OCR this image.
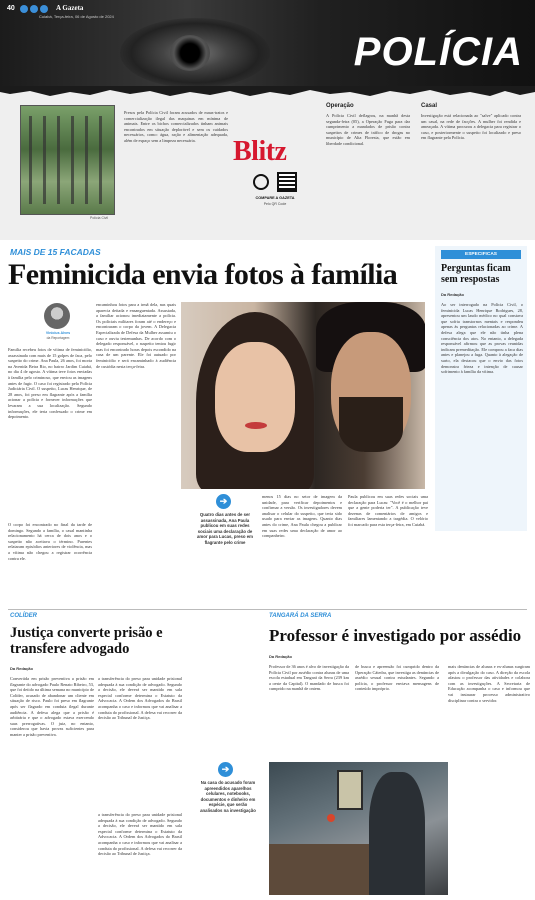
40	A Gazeta
Cuiabá, Terça-feira, 06 de Agosto de 2024
POLÍCIA
Polícia Civil
Presos pela Polícia Civil foram acusados de maus-tratos e comercialização ilegal das maquinas em mínima de animais. Entre os bichos comercializados tinham animais encontrados em situação deplorável e sem os cuidados necessários, como: água, ração e alimentação adequada, além de espaço sem a limpeza necessária.	Blitz
COMPARE A GAZETA
Pelo QR Code
Operação
A Polícia Civil deflagrou, na manhã desta segunda-feira (05), a Operação Fuga para dar cumprimento a mandados de prisão contra suspeitos de crimes de tráfico de drogas no município de Alta Floresta, que estão em liberdade condicional.
Casal
Investigação está relacionada ao "salve" aplicado contra um casal, na rede de facções. A mulher foi rendida e ameaçada. A vítima procurou a delegacia para registrar o caso, e posteriormente o suspeito foi localizado e preso em flagrante pela Polícia.
MAIS DE 15 FACADAS
Feminicida envia fotos à família
Vinicius Alves
da Reportagem
Familia recebeu fotos de vítima de feminicídio, assassinada com mais de 15 golpes de faca, pelo suspeito do crime. Ana Paula, 26 anos, foi morta na Avenida Beira Rio, no bairro Jardim Cuiabá, no dia 4 de agosto. A vítima teve fotos enviadas à família pelo criminoso, que enviou as imagens antes de fugir. O caso foi registrado pela Polícia Judiciária Civil. O suspeito, Lucas Henrique, de 28 anos, foi preso em flagrante após a família acionar a polícia e fornecer informações que levaram a sua localização. Segundo informações, ele teria confessado o crime em depoimento.
O corpo foi encontrado no final da tarde de domingo. Segundo a família, o casal mantinha relacionamento há cerca de dois anos e o suspeito não aceitava o término. Parentes relataram episódios anteriores de violência, mas a vítima não chegou a registrar ocorrência contra ele.
encaminhou fotos para a irmã dela, nas quais aparecia deitada e ensanguentada. Assustada, a familiar acionou imediatamente a polícia. Os policiais militares foram até o endereço e encontraram o corpo da jovem. A Delegacia Especializada de Defesa da Mulher assumiu o caso e ouviu testemunhas. De acordo com o delegado responsável, o suspeito tentou fugir mas foi encontrado horas depois escondido na casa de um parente. Ele foi autuado por feminicídio e será encaminhado à audiência de custódia nesta terça-feira.
➔
Quatro dias antes de ser assassinada, Ana Paula publicou em suas redes sociais uma declaração de amor para Lucas, preso em flagrante pelo crime
menos 15 dias no setor de imagem da unidade, para verificar depoimentos e confirmar a versão. Os investigadores devem analisar o celular do suspeito, que teria sido usado para enviar as imagens. Quanto dias antes do crime, Ana Paula chegou a publicar em suas redes uma declaração de amor ao companheiro.
Paula publicou em suas redes sociais uma declaração para Lucas: "Você é o melhor pai que a gente poderia ter". A publicação teve dezenas de comentários de amigos e familiares lamentando a tragédia. O velório foi marcado para esta terça-feira, em Cuiabá.
ESPECIFICAS
Perguntas ficam sem respostas
Da Redação
Ao ser interrogado na Polícia Civil, o feminicida Lucas Henrique Rodrigues, 28, apresentou um laudo médico no qual constava que sofria transtornos mentais e respondeu apenas às perguntas relacionadas ao crime. A defesa alega que ele não tinha plena consciência dos atos. No entanto, a delegada responsável afirmou que as provas reunidas indicam premeditação. Ele comprou a faca dias antes e planejou a fuga. Quanto à alegação de surto, ela destacou que o envio das fotos demonstra frieza e intenção de causar sofrimento à família da vítima.
COLÍDER
Justiça converte prisão e transfere advogado
Da Redação
Convertida em prisão preventiva a prisão em flagrante do advogado Paulo Renato Ribeiro, 53, que foi detido na última semana no município de Colíder, acusado de abandonar um cliente em situação de risco. Paulo foi preso em flagrante após ser flagrado em conduta ilegal durante audiência. A defesa alega que a prisão é arbitrária e que o advogado estava exercendo suas prerrogativas. O juiz, no entanto, considerou que havia provas suficientes para manter a prisão preventiva.
a transferência do preso para unidade prisional adequada à sua condição de advogado. Segundo a decisão, ele deverá ser mantido em sala especial conforme determina o Estatuto da Advocacia. A Ordem dos Advogados do Brasil acompanha o caso e informou que vai analisar a conduta do profissional. A defesa vai recorrer da decisão ao Tribunal de Justiça.
➔
Na casa do acusado foram apreendidos aparelhos celulares, notebooks, documentos e dinheiro em espécie, que serão analisados na investigação
a transferência do preso para unidade prisional adequada à sua condição de advogado. Segundo a decisão, ele deverá ser mantido em sala especial conforme determina o Estatuto da Advocacia. A Ordem dos Advogados do Brasil acompanha o caso e informou que vai analisar a conduta do profissional. A defesa vai recorrer da decisão ao Tribunal de Justiça.
TANGARÁ DA SERRA
Professor é investigado por assédio
Da Redação
Professor de 36 anos é alvo de investigação da Polícia Civil por assédio contra alunas de uma escola estadual em Tangará da Serra (239 km a oeste da Capital). O mandado de busca foi cumprido na manhã de ontem.
de busca e apreensão foi cumprido dentro da Operação Cátedra, que investiga as denúncias de assédio sexual contra estudantes. Segundo a polícia, o professor enviava mensagens de conteúdo impróprio.
mais denúncias de alunas e ex-alunas surgiram após a divulgação do caso. A direção da escola afastou o professor das atividades e colabora com as investigações. A Secretaria de Educação acompanha o caso e informou que vai instaurar processo administrativo disciplinar contra o servidor.
